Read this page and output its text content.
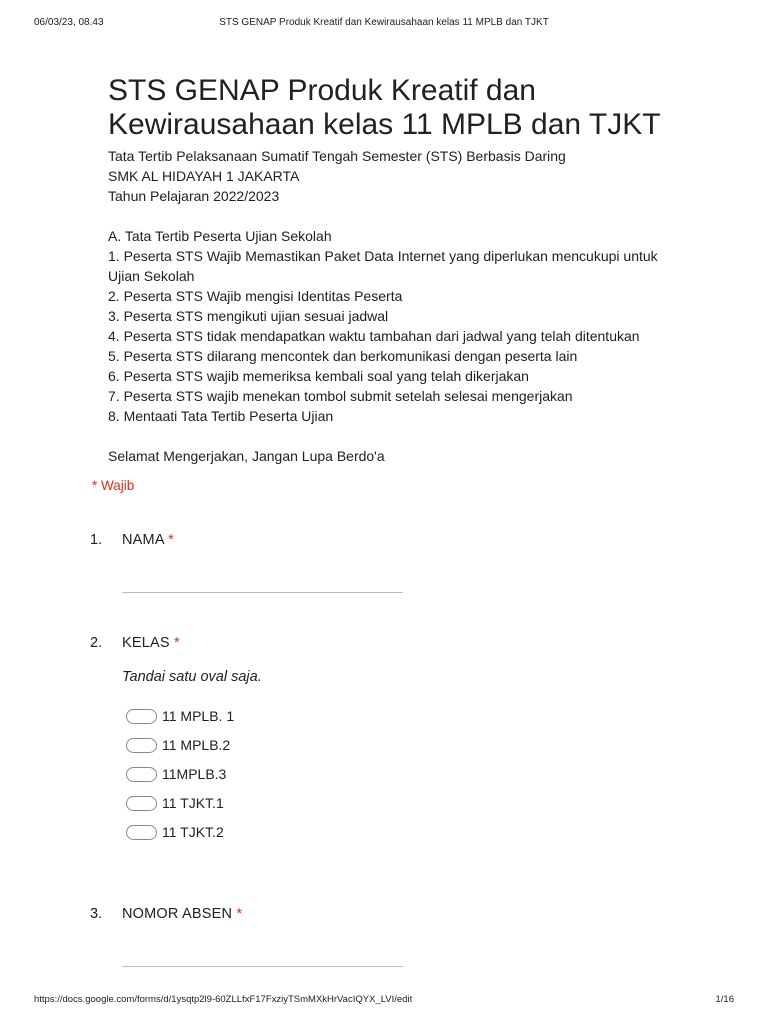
06/03/23, 08.43	STS GENAP Produk Kreatif dan Kewirausahaan kelas 11 MPLB dan TJKT
STS GENAP Produk Kreatif dan Kewirausahaan kelas 11 MPLB dan TJKT
Tata Tertib Pelaksanaan Sumatif Tengah Semester (STS) Berbasis Daring
SMK AL HIDAYAH 1 JAKARTA
Tahun Pelajaran 2022/2023
A. Tata Tertib Peserta Ujian Sekolah
1. Peserta STS Wajib Memastikan Paket Data Internet yang diperlukan mencukupi untuk
Ujian Sekolah
2. Peserta STS Wajib mengisi Identitas Peserta
3. Peserta STS mengikuti ujian sesuai jadwal
4. Peserta STS tidak mendapatkan waktu tambahan dari jadwal yang telah ditentukan
5. Peserta STS dilarang mencontek dan berkomunikasi dengan peserta lain
6. Peserta STS wajib memeriksa kembali soal yang telah dikerjakan
7. Peserta STS wajib menekan tombol submit setelah selesai mengerjakan
8. Mentaati Tata Tertib Peserta Ujian
Selamat Mengerjakan, Jangan Lupa Berdo'a
* Wajib
1. NAMA *
2. KELAS *
Tandai satu oval saja.
11 MPLB. 1
11 MPLB.2
11MPLB.3
11 TJKT.1
11 TJKT.2
3. NOMOR ABSEN *
https://docs.google.com/forms/d/1ysqtp2l9-60ZLLfxF17FxziyTSmMXkHrVacIQYX_LVI/edit	1/16
